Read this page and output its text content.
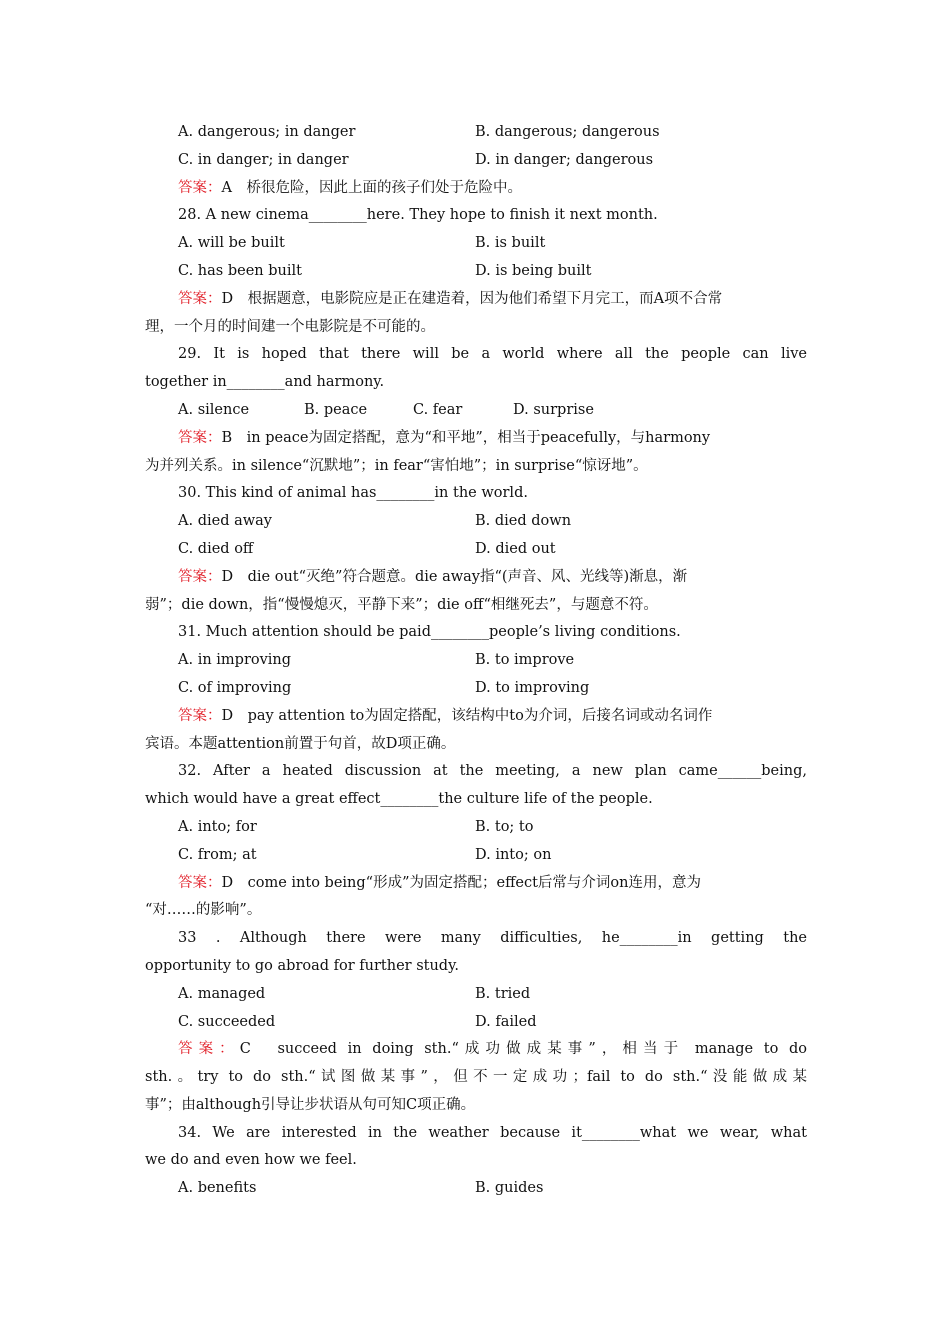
A. dangerous; in danger	B. dangerous; dangerous
C. in danger; in danger	D. in danger; dangerous
答案：A　桥很危险，因此上面的孩子们处于危险中。
28. A new cinema________here. They hope to finish it next month.
A. will be built	B. is built
C. has been built	D. is being built
答案：D　根据题意，电影院应是正在建造着，因为他们希望下月完工，而A项不合常
理，一个月的时间建一个电影院是不可能的。
29. It is hoped that there will be a world where all the people can live
together in________and harmony.
A. silence	B. peace	C. fear	D. surprise
答案：B　in peace为固定搭配，意为“和平地”，相当于peacefully，与harmony
为并列关系。in silence“沉默地”；in fear“害怕地”；in surprise“惊讶地”。
30. This kind of animal has________in the world.
A. died away	B. died down
C. died off	D. died out
答案：D　die out“灭绝”符合题意。die away指“(声音、风、光线等)渐息，渐
弱”；die down，指“慢慢熄灭，平静下来”；die off“相继死去”，与题意不符。
31. Much attention should be paid________people’s living conditions.
A. in improving	B. to improve
C. of improving	D. to improving
答案：D　pay attention to为固定搭配，该结构中to为介词，后接名词或动名词作
宾语。本题attention前置于句首，故D项正确。
32. After a heated discussion at the meeting, a new plan came______being,
which would have a great effect________the culture life of the people.
A. into; for	B. to; to
C. from; at	D. into; on
答案：D　come into being“形成”为固定搭配；effect后常与介词on连用，意为
“对……的影响”。
33 . Although there were many difficulties, he________in getting the
opportunity to go abroad for further study.
A. managed	B. tried
C. succeeded	D. failed
答案：C　succeed in doing sth.“成功做成某事”，相当于 manage to do
sth.。try to do sth.“试图做某事”，但不一定成功；fail to do sth.“没能做成某
事”；由although引导让步状语从句可知C项正确。
34. We are interested in the weather because it________what we wear, what
we do and even how we feel.
A. benefits	B. guides
